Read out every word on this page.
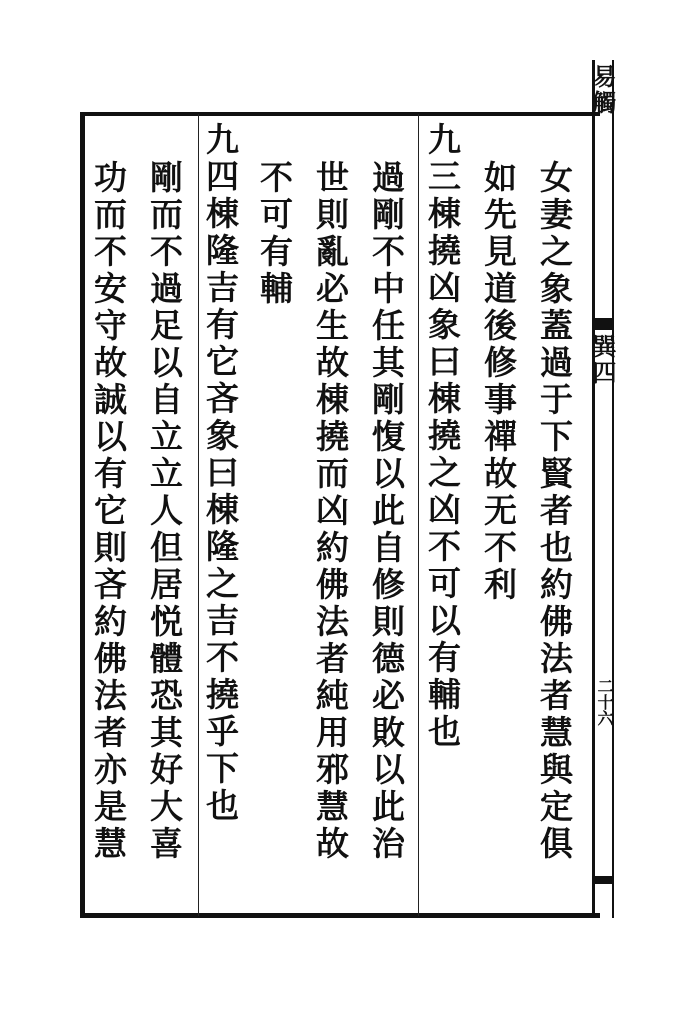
易觸
巽四
二十六
女妻之象蓋過于下賢者也約佛法者慧與定俱
如先見道後修事禪故无不利
九三棟撓凶象曰棟撓之凶不可以有輔也
過剛不中任其剛愎以此自修則德必敗以此治
世則亂必生故棟撓而凶約佛法者純用邪慧故
不可有輔
九四棟隆吉有它吝象曰棟隆之吉不撓乎下也
剛而不過足以自立立人但居悦體恐其好大喜
功而不安守故誠以有它則吝約佛法者亦是慧
